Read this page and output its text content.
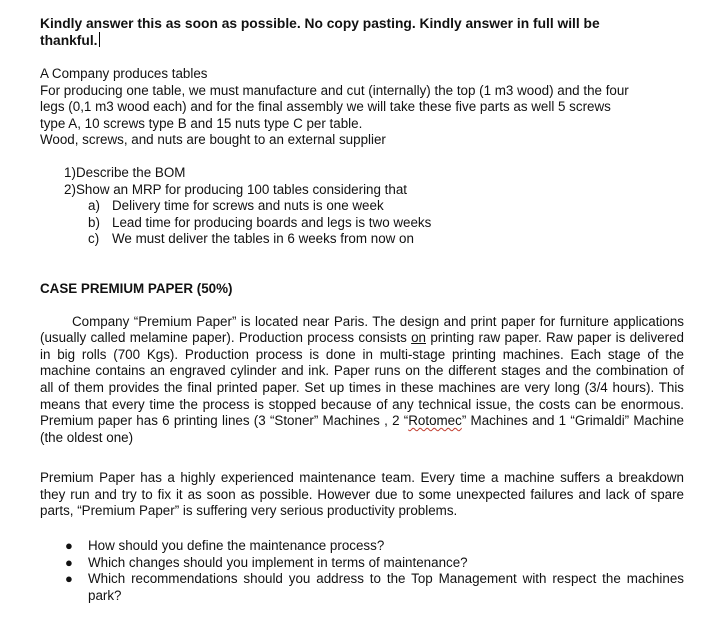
Kindly answer this as soon as possible. No copy pasting. Kindly answer in full will be
thankful.

A Company produces tables

For producing one table, we must manufacture and cut (internally) the top (1 m3 wood) and the four

legs (0,1 m3 wood each) and for the final assembly we will take these five parts as well 5 screws

type A, 10 screws type B and 15 nuts type C per table.

Wood, screws, and nuts are bought to an external supplier

1) Describe the BOM
2) Show an MRP for producing 100 tables considering that
a) Delivery time for screws and nuts is one week
b) Lead time for producing boards and legs is two weeks
c) We must deliver the tables in 6 weeks from now on
CASE PREMIUM PAPER (50%)

Company “Premium Paper” is located near Paris. The design and print paper for furniture applications (usually called melamine paper). Production process consists on printing raw paper. Raw paper is delivered in big rolls (700 Kgs). Production process is done in multi-stage printing machines. Each stage of the machine contains an engraved cylinder and ink. Paper runs on the different stages and the combination of all of them provides the final printed paper. Set up times in these machines are very long (3/4 hours). This means that every time the process is stopped because of any technical issue, the costs can be enormous. Premium paper has 6 printing lines (3 “Stoner” Machines , 2 “Rotomec” Machines and 1 “Grimaldi” Machine (the oldest one)

Premium Paper has a highly experienced maintenance team. Every time a machine suffers a breakdown they run and try to fix it as soon as possible. However due to some unexpected failures and lack of spare parts, “Premium Paper” is suffering very serious productivity problems.

● How should you define the maintenance process?
● Which changes should you implement in terms of maintenance?
● Which recommendations should you address to the Top Management with respect the machines park?
